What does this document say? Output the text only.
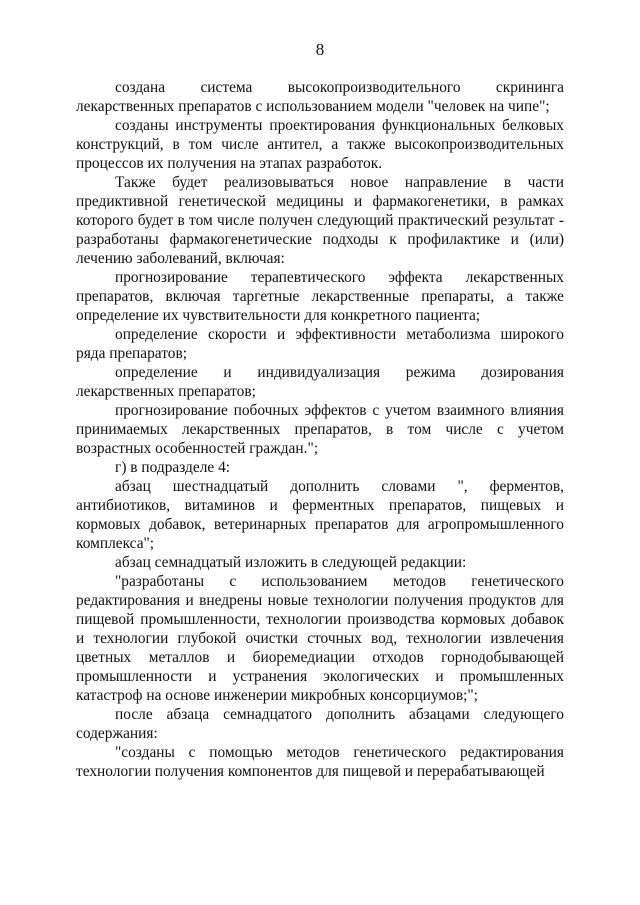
8

создана система высокопроизводительного скрининга лекарственных препаратов с использованием модели "человек на чипе";

созданы инструменты проектирования функциональных белковых конструкций, в том числе антител, а также высокопроизводительных процессов их получения на этапах разработок.

Также будет реализовываться новое направление в части предиктивной генетической медицины и фармакогенетики, в рамках которого будет в том числе получен следующий практический результат - разработаны фармакогенетические подходы к профилактике и (или) лечению заболеваний, включая:

прогнозирование терапевтического эффекта лекарственных препаратов, включая таргетные лекарственные препараты, а также определение их чувствительности для конкретного пациента;

определение скорости и эффективности метаболизма широкого ряда препаратов;

определение и индивидуализация режима дозирования лекарственных препаратов;

прогнозирование побочных эффектов с учетом взаимного влияния принимаемых лекарственных препаратов, в том числе с учетом возрастных особенностей граждан.";

г) в подразделе 4:

абзац шестнадцатый дополнить словами ", ферментов, антибиотиков, витаминов и ферментных препаратов, пищевых и кормовых добавок, ветеринарных препаратов для агропромышленного комплекса";

абзац семнадцатый изложить в следующей редакции:

"разработаны с использованием методов генетического редактирования и внедрены новые технологии получения продуктов для пищевой промышленности, технологии производства кормовых добавок и технологии глубокой очистки сточных вод, технологии извлечения цветных металлов и биоремедиации отходов горнодобывающей промышленности и устранения экологических и промышленных катастроф на основе инженерии микробных консорциумов;";

после абзаца семнадцатого дополнить абзацами следующего содержания:

"созданы с помощью методов генетического редактирования технологии получения компонентов для пищевой и перерабатывающей
